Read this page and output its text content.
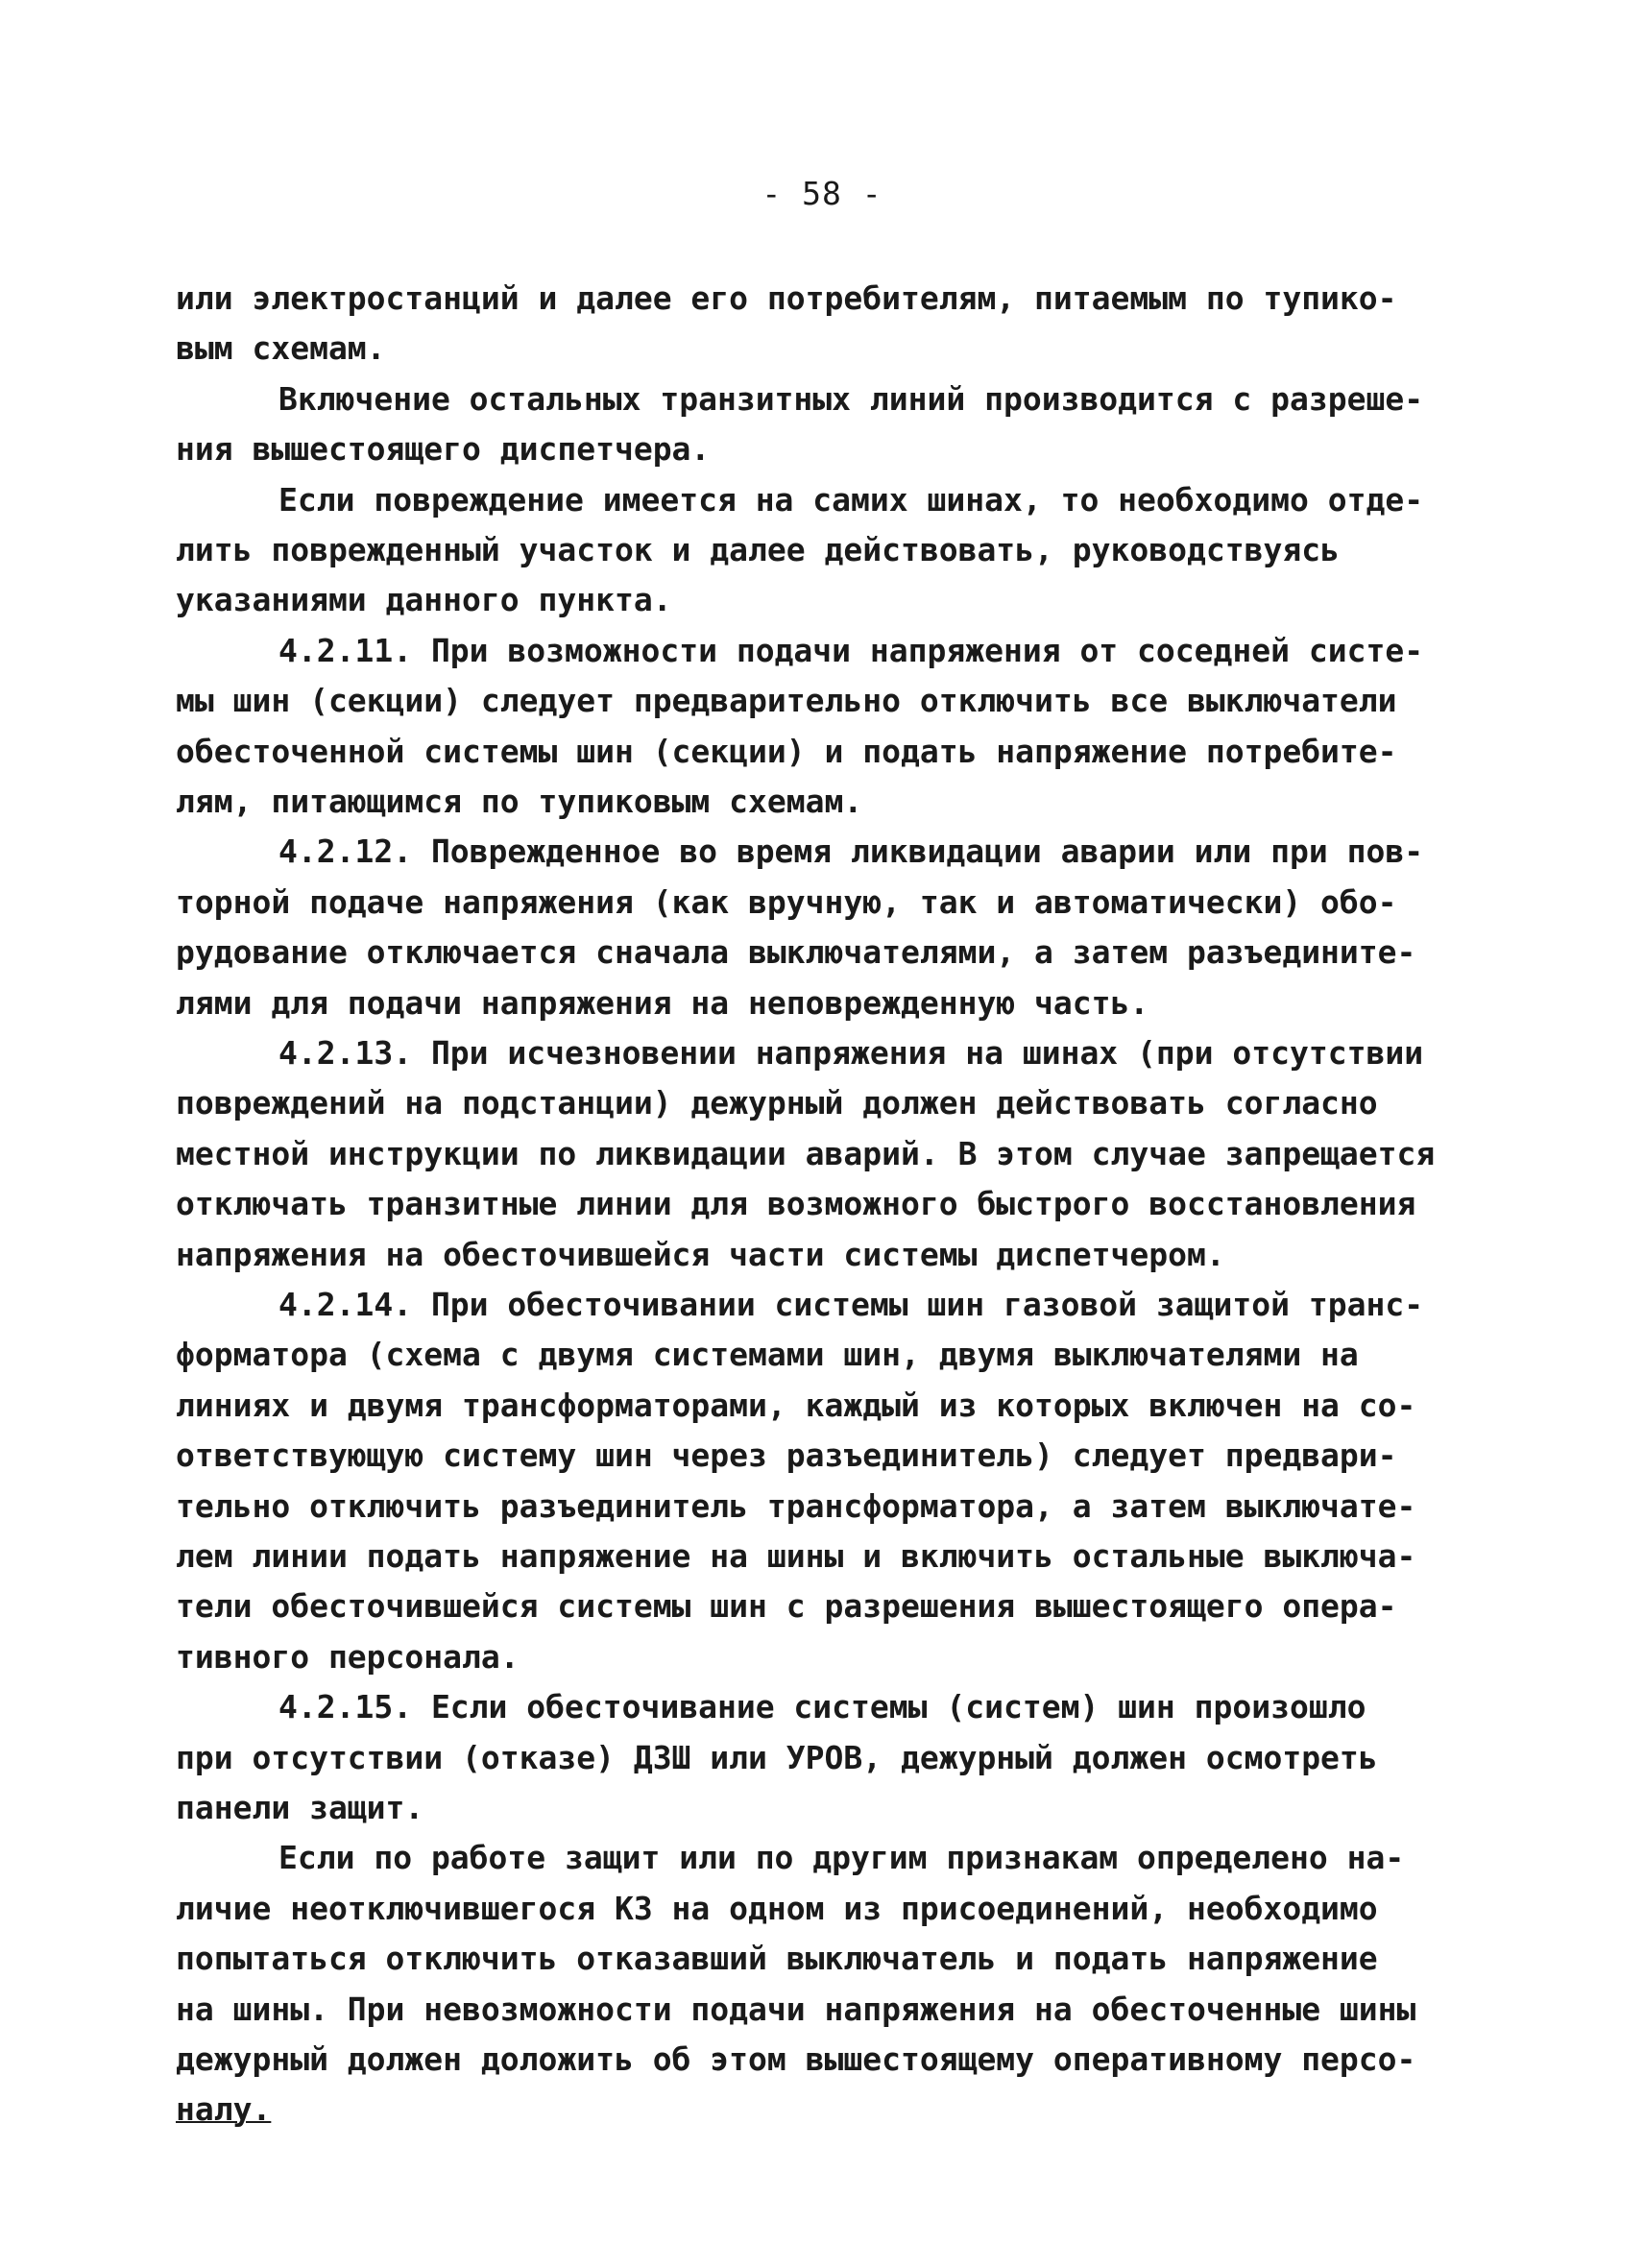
- 58 -
или электростанций и далее его потребителям, питаемым по тупико-
вым схемам.
Включение остальных транзитных линий производится с разреше-
ния вышестоящего диспетчера.
Если повреждение имеется на самих шинах, то необходимо отде-
лить поврежденный участок и далее действовать, руководствуясь
указаниями данного пункта.
4.2.11. При возможности подачи напряжения от соседней систе-
мы шин (секции) следует предварительно отключить все выключатели
обесточенной системы шин (секции) и подать напряжение потребите-
лям, питающимся по тупиковым схемам.
4.2.12. Поврежденное во время ликвидации аварии или при пов-
торной подаче напряжения (как вручную, так и автоматически) обо-
рудование отключается сначала выключателями, а затем разъедините-
лями для подачи напряжения на неповрежденную часть.
4.2.13. При исчезновении напряжения на шинах (при отсутствии
повреждений на подстанции) дежурный должен действовать согласно
местной инструкции по ликвидации аварий. В этом случае запрещается
отключать транзитные линии для возможного быстрого восстановления
напряжения на обесточившейся части системы диспетчером.
4.2.14. При обесточивании системы шин газовой защитой транс-
форматора (схема с двумя системами шин, двумя выключателями на
линиях и двумя трансформаторами, каждый из которых включен на со-
ответствующую систему шин через разъединитель) следует предвари-
тельно отключить разъединитель трансформатора, а затем выключате-
лем линии подать напряжение на шины и включить остальные выключа-
тели обесточившейся системы шин с разрешения вышестоящего опера-
тивного персонала.
4.2.15. Если обесточивание системы (систем) шин произошло
при отсутствии (отказе) ДЗШ или УРОВ, дежурный должен осмотреть
панели защит.
Если по работе защит или по другим признакам определено на-
личие неотключившегося КЗ на одном из присоединений, необходимо
попытаться отключить отказавший выключатель и подать напряжение
на шины. При невозможности подачи напряжения на обесточенные шины
дежурный должен доложить об этом вышестоящему оперативному персо-
налу.
